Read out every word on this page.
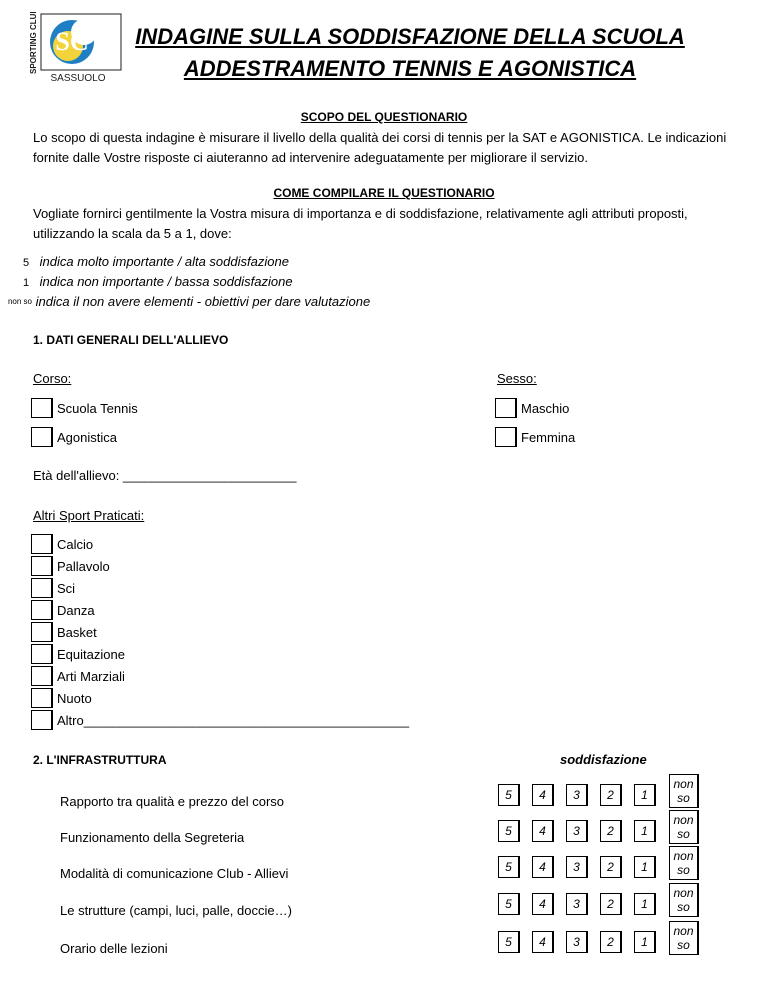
SPORTING CLUB SC
SASSUOLO
INDAGINE SULLA SODDISFAZIONE DELLA SCUOLA
ADDESTRAMENTO TENNIS E AGONISTICA
SCOPO DEL QUESTIONARIO
Lo scopo di questa indagine è misurare il livello della qualità dei corsi di tennis per la SAT e AGONISTICA. Le indicazioni
fornite dalle Vostre risposte ci aiuteranno ad intervenire adeguatamente per migliorare il servizio.
COME COMPILARE IL QUESTIONARIO
Vogliate fornirci gentilmente la Vostra misura di importanza e di soddisfazione, relativamente agli attributi proposti,
utilizzando la scala da 5 a 1, dove:
5 indica molto importante / alta soddisfazione
1 indica non importante / bassa soddisfazione
non so indica il non avere elementi - obiettivi per dare valutazione
1. DATI GENERALI DELL'ALLIEVO
Corso:	Sesso:
Scuola Tennis
Agonistica
Maschio
Femmina
Età dell'allievo: ________________________
Altri Sport Praticati:
Calcio
Pallavolo
Sci
Danza
Basket
Equitazione
Arti Marziali
Nuoto
Altro_____________________________________________
2. L'INFRASTRUTTURA	soddisfazione
Rapporto tra qualità e prezzo del corso	5	4	3	2	1
non
so
Funzionamento della Segreteria	5	4	3	2	1
non
so
Modalità di comunicazione Club - Allievi	5	4	3	2	1
non
so
Le strutture (campi, luci, palle, doccie…)	5	4	3	2	1
non
so
Orario delle lezioni	5	4	3	2	1
non
so
